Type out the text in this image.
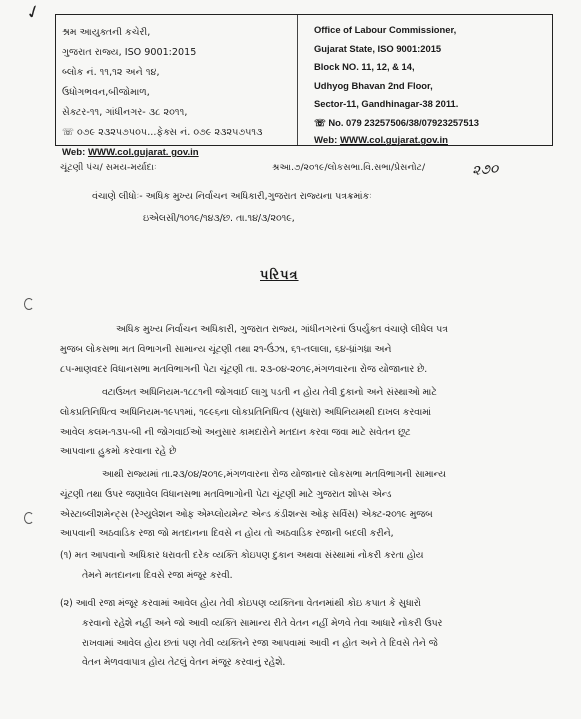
✓
શ્રમ આયુક્તની કચેરી,
ગુજરાત રાજ્ય, ISO 9001:2015
બ્લોક નં. ૧૧,૧૨ અને ૧૪,
ઉધોગભવન,બીજોમાળ,
સેક્ટર-૧૧, ગાંધીનગર- ૩૮ ૨૦૧૧,
☏ ૦૭૯ ૨૩૨૫૭૫૦૫...ફેક્સ નં. ૦૭૯ ૨૩૨૫૭૫૧૩
Web: WWW.col.gujarat. gov.in
Office of Labour Commissioner,
Gujarat State, ISO 9001:2015
Block NO. 11, 12, & 14,
Udhyog Bhavan 2nd Floor,
Sector-11, Gandhinagar-38 2011.
☏ No. 079 23257506/38/07923257513
Web: WWW.col.gujarat.gov.in
ચૂંટણી પંચ/ સમય-મર્યાદાઃ	શ્રઆ.૭/૨૦૧૯/લોકસભા.વિ.સભા/પ્રેસનોટ/	૨૭૦
વંચાણે લીધોઃ- અધિક મુખ્ય નિર્વાચન અધિકારી,ગુજરાત રાજ્યના પત્રક્રમાંકઃ
ઇએલસી/૧૦૧૯/૧૪૩/છ. તા.૧૪/૩/૨૦૧૯,
પરિપત્ર
અધિક મુખ્ય નિર્વાચન અધિકારી, ગુજરાત રાજ્ય, ગાંધીનગરનાં ઉપર્યુક્ત વંચાણે લીધેલ પત્ર
મુજબ લોકસભા મત વિભાગની સામાન્ય ચૂંટણી તથા ૨૧-ઉંઝા, ૬૧-તલાલા, ૬૪-ધ્રાંગધ્રા અને
૮૫-માણવદર વિધાનસભા મતવિભાગની પેટા ચૂંટણી તા. ૨૩-૦૪-૨૦૧૯,મંગળવારના રોજ યોજાનાર છે.
વટાઉખત અધિનિયમ-૧૮૮૧ની જોગવાઈ લાગુ પડતી ન હોય તેવી દુકાનો અને સંસ્થાઓ માટે
લોકપ્રતિનિધિત્વ અધિનિયમ-૧૯૫૧માં, ૧૯૯૬ના લોકપ્રતિનિધિત્વ (સુધારા) અધિનિયમથી દાખલ કરવામાં
આવેલ કલમ-૧૩૫-બી ની જોગવાઈઓ અનુસાર કામદારોને મતદાન કરવા જવા માટે સવેતન છૂટ
આપવાના હુકમો કરવાના રહે છે
આથી રાજ્યમાં તા.૨૩/૦૪/૨૦૧૯,મંગળવારના રોજ યોજાનાર લોકસભા મતવિભાગની સામાન્ય
ચૂંટણી તથા ઉપર જણાવેલ વિધાનસભા મતવિભાગોની પેટા ચૂંટણી માટે ગુજરાત શોપ્સ એન્ડ
એસ્ટાબ્લીશમેન્ટ્સ (રેગ્યુલેશન ઓફ એમ્પ્લોયમેન્ટ એન્ડ કંડીશન્સ ઓફ સર્વિસ) એક્ટ-૨૦૧૯ મુજબ
આપવાની અઠવાડિક રજા જો મતદાનના દિવસે ન હોય તો અઠવાડિક રજાની બદલી કરીને,
(૧) મત આપવાનો અધિકાર ધરાવતી દરેક વ્યક્તિ કોઇપણ દુકાન અથવા સંસ્થામાં નોકરી કરતા હોય
તેમને મતદાનના દિવસે રજા મંજૂર કરવી.
(૨) આવી રજા મંજૂર કરવામાં આવેલ હોય તેવી કોઇપણ વ્યક્તિના વેતનમાંથી કોઇ કપાત કે સુધારો
કરવાનો રહેશે નહીં અને જો આવી વ્યક્તિ સામાન્ય રીતે વેતન નહીં મેળવે તેવા આધારે નોકરી ઉપર
રાખવામાં આવેલ હોય છતાં પણ તેવી વ્યક્તિને રજા આપવામાં આવી ન હોત અને તે દિવસે તેને જે
વેતન મેળવવાપાત્ર હોય તેટલું વેતન મંજૂર કરવાનું રહેશે.
